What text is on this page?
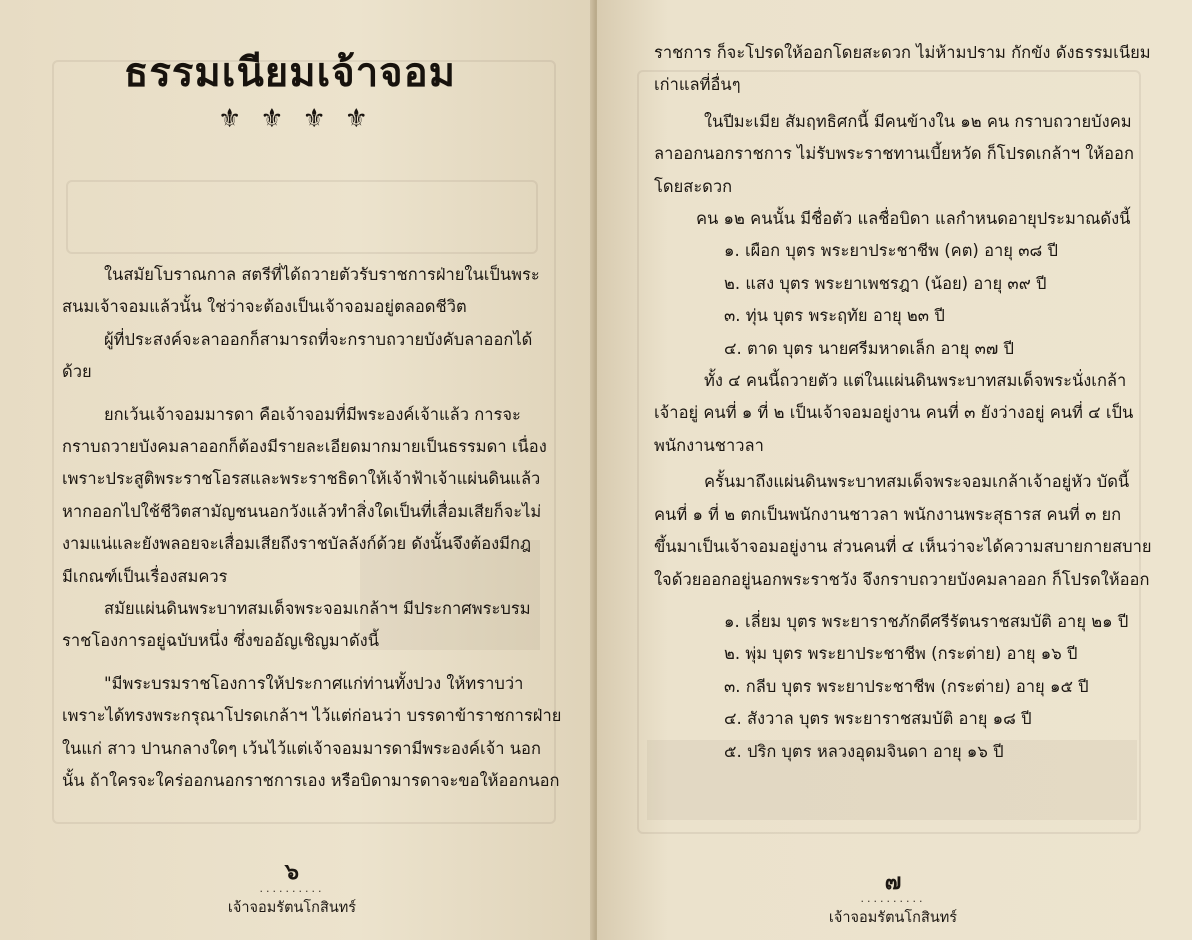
ธรรมเนียมเจ้าจอม
⚜ ⚜ ⚜ ⚜

ในสมัยโบราณกาล สตรีที่ได้ถวายตัวรับราชการฝ่ายในเป็นพระ

สนมเจ้าจอมแล้วนั้น ใช่ว่าจะต้องเป็นเจ้าจอมอยู่ตลอดชีวิต

ผู้ที่ประสงค์จะลาออกก็สามารถที่จะกราบถวายบังคับลาออกได้

ด้วย

ยกเว้นเจ้าจอมมารดา คือเจ้าจอมที่มีพระองค์เจ้าแล้ว การจะ

กราบถวายบังคมลาออกก็ต้องมีรายละเอียดมากมายเป็นธรรมดา เนื่อง

เพราะประสูติพระราชโอรสและพระราชธิดาให้เจ้าฟ้าเจ้าแผ่นดินแล้ว

หากออกไปใช้ชีวิตสามัญชนนอกวังแล้วทำสิ่งใดเป็นที่เสื่อมเสียก็จะไม่

งามแน่และยังพลอยจะเสื่อมเสียถึงราชบัลลังก์ด้วย ดังนั้นจึงต้องมีกฎ

มีเกณฑ์เป็นเรื่องสมควร

สมัยแผ่นดินพระบาทสมเด็จพระจอมเกล้าฯ มีประกาศพระบรม

ราชโองการอยู่ฉบับหนึ่ง ซึ่งขออัญเชิญมาดังนี้

"มีพระบรมราชโองการให้ประกาศแก่ท่านทั้งปวง ให้ทราบว่า

เพราะได้ทรงพระกรุณาโปรดเกล้าฯ ไว้แต่ก่อนว่า บรรดาข้าราชการฝ่าย

ในแก่ สาว ปานกลางใดๆ เว้นไว้แต่เจ้าจอมมารดามีพระองค์เจ้า นอก

นั้น ถ้าใครจะใคร่ออกนอกราชการเอง หรือบิดามารดาจะขอให้ออกนอก

๖
··········
เจ้าจอมรัตนโกสินทร์

ราชการ ก็จะโปรดให้ออกโดยสะดวก ไม่ห้ามปราม กักขัง ดังธรรมเนียม

เก่าแลที่อื่นๆ

ในปีมะเมีย สัมฤทธิศกนี้ มีคนข้างใน ๑๒ คน กราบถวายบังคม

ลาออกนอกราชการ ไม่รับพระราชทานเบี้ยหวัด ก็โปรดเกล้าฯ ให้ออก

โดยสะดวก

คน ๑๒ คนนั้น มีชื่อตัว แลชื่อบิดา แลกำหนดอายุประมาณดังนี้

๑. เผือก บุตร พระยาประชาชีพ (คต) อายุ ๓๘ ปี

๒. แสง บุตร พระยาเพชรฎา (น้อย) อายุ ๓๙ ปี

๓. ทุ่น บุตร พระฤทัย อายุ ๒๓ ปี

๔. ตาด บุตร นายศรีมหาดเล็ก อายุ ๓๗ ปี

ทั้ง ๔ คนนี้ถวายตัว แต่ในแผ่นดินพระบาทสมเด็จพระนั่งเกล้า

เจ้าอยู่ คนที่ ๑ ที่ ๒ เป็นเจ้าจอมอยู่งาน คนที่ ๓ ยังว่างอยู่ คนที่ ๔ เป็น

พนักงานชาวลา

ครั้นมาถึงแผ่นดินพระบาทสมเด็จพระจอมเกล้าเจ้าอยู่หัว บัดนี้

คนที่ ๑ ที่ ๒ ตกเป็นพนักงานชาวลา พนักงานพระสุธารส คนที่ ๓ ยก

ขึ้นมาเป็นเจ้าจอมอยู่งาน ส่วนคนที่ ๔ เห็นว่าจะได้ความสบายกายสบาย

ใจด้วยออกอยู่นอกพระราชวัง จึงกราบถวายบังคมลาออก ก็โปรดให้ออก

๑. เลี่ยม บุตร พระยาราชภักดีศรีรัตนราชสมบัติ อายุ ๒๑ ปี

๒. พุ่ม บุตร พระยาประชาชีพ (กระต่าย) อายุ ๑๖ ปี

๓. กลีบ บุตร พระยาประชาชีพ (กระต่าย) อายุ ๑๕ ปี

๔. สังวาล บุตร พระยาราชสมบัติ อายุ ๑๘ ปี

๕. ปริก บุตร หลวงอุดมจินดา อายุ ๑๖ ปี

๗
··········
เจ้าจอมรัตนโกสินทร์
